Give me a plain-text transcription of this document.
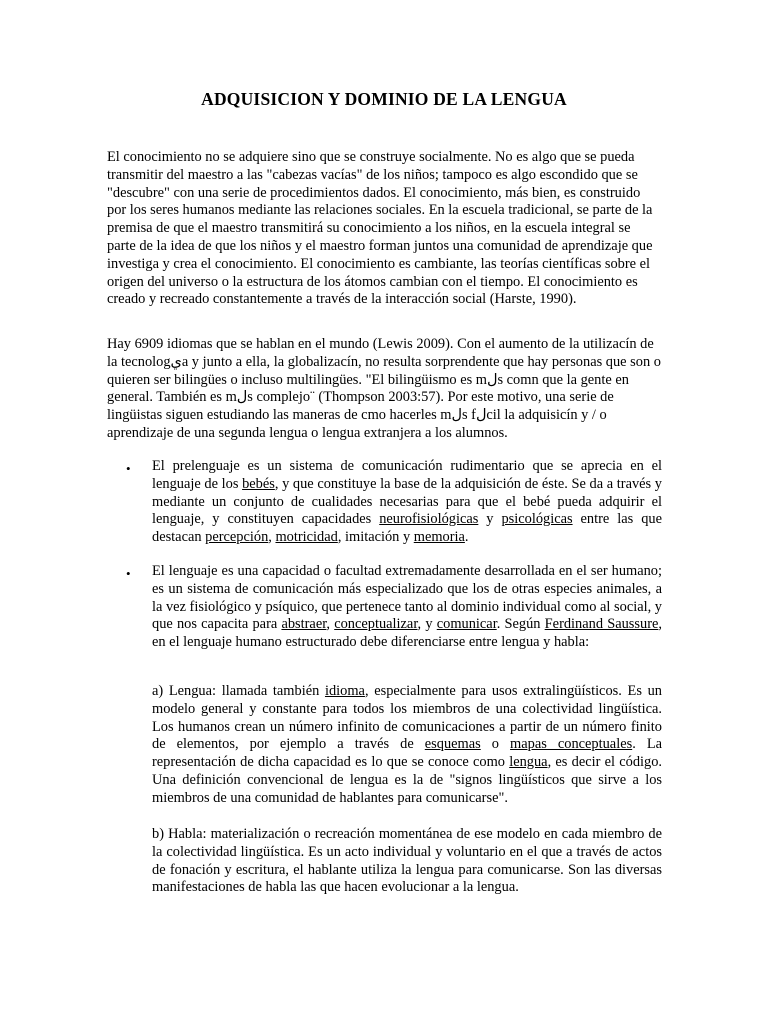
ADQUISICION Y DOMINIO DE LA LENGUA

El conocimiento no se adquiere sino que se construye socialmente. No es algo que se pueda transmitir del maestro a las "cabezas vacías" de los niños; tampoco es algo escondido que se "descubre" con una serie de procedimientos dados. El conocimiento, más bien, es construido por los seres humanos mediante las relaciones sociales. En la escuela tradicional, se parte de la premisa de que el maestro transmitirá su conocimiento a los niños, en la escuela integral se parte de la idea de que los niños y el maestro forman juntos una comunidad de aprendizaje que investiga y crea el conocimiento. El conocimiento es cambiante, las teorías científicas sobre el origen del universo o la estructura de los átomos cambian con el tiempo. El conocimiento es creado y recreado constantemente a través de la interacción social (Harste, 1990).

Hay 6909 idiomas que se hablan en el mundo (Lewis 2009). Con el aumento de la utilizacín de la tecnologيa y junto a ella, la globalizacín, no resulta sorprendente que hay personas que son o quieren ser bilingües o incluso multilingües. "El bilingüismo es mلs comn que la gente en general. También es mلs complejo¨ (Thompson 2003:57). Por este motivo, una serie de lingüistas siguen estudiando las maneras de cmo hacerles mلs fلcil la adquisicín y / o aprendizaje de una segunda lengua o lengua extranjera a los alumnos.

• El prelenguaje es un sistema de comunicación rudimentario que se aprecia en el lenguaje de los bebés, y que constituye la base de la adquisición de éste. Se da a través y mediante un conjunto de cualidades necesarias para que el bebé pueda adquirir el lenguaje, y constituyen capacidades neurofisiológicas y psicológicas entre las que destacan percepción, motricidad, imitación y memoria.

• El lenguaje es una capacidad o facultad extremadamente desarrollada en el ser humano; es un sistema de comunicación más especializado que los de otras especies animales, a la vez fisiológico y psíquico, que pertenece tanto al dominio individual como al social, y que nos capacita para abstraer, conceptualizar, y comunicar. Según Ferdinand Saussure, en el lenguaje humano estructurado debe diferenciarse entre lengua y habla:

a) Lengua: llamada también idioma, especialmente para usos extralingüísticos. Es un modelo general y constante para todos los miembros de una colectividad lingüística. Los humanos crean un número infinito de comunicaciones a partir de un número finito de elementos, por ejemplo a través de esquemas o mapas conceptuales. La representación de dicha capacidad es lo que se conoce como lengua, es decir el código. Una definición convencional de lengua es la de "signos lingüísticos que sirve a los miembros de una comunidad de hablantes para comunicarse".

b) Habla: materialización o recreación momentánea de ese modelo en cada miembro de la colectividad lingüística. Es un acto individual y voluntario en el que a través de actos de fonación y escritura, el hablante utiliza la lengua para comunicarse. Son las diversas manifestaciones de habla las que hacen evolucionar a la lengua.
